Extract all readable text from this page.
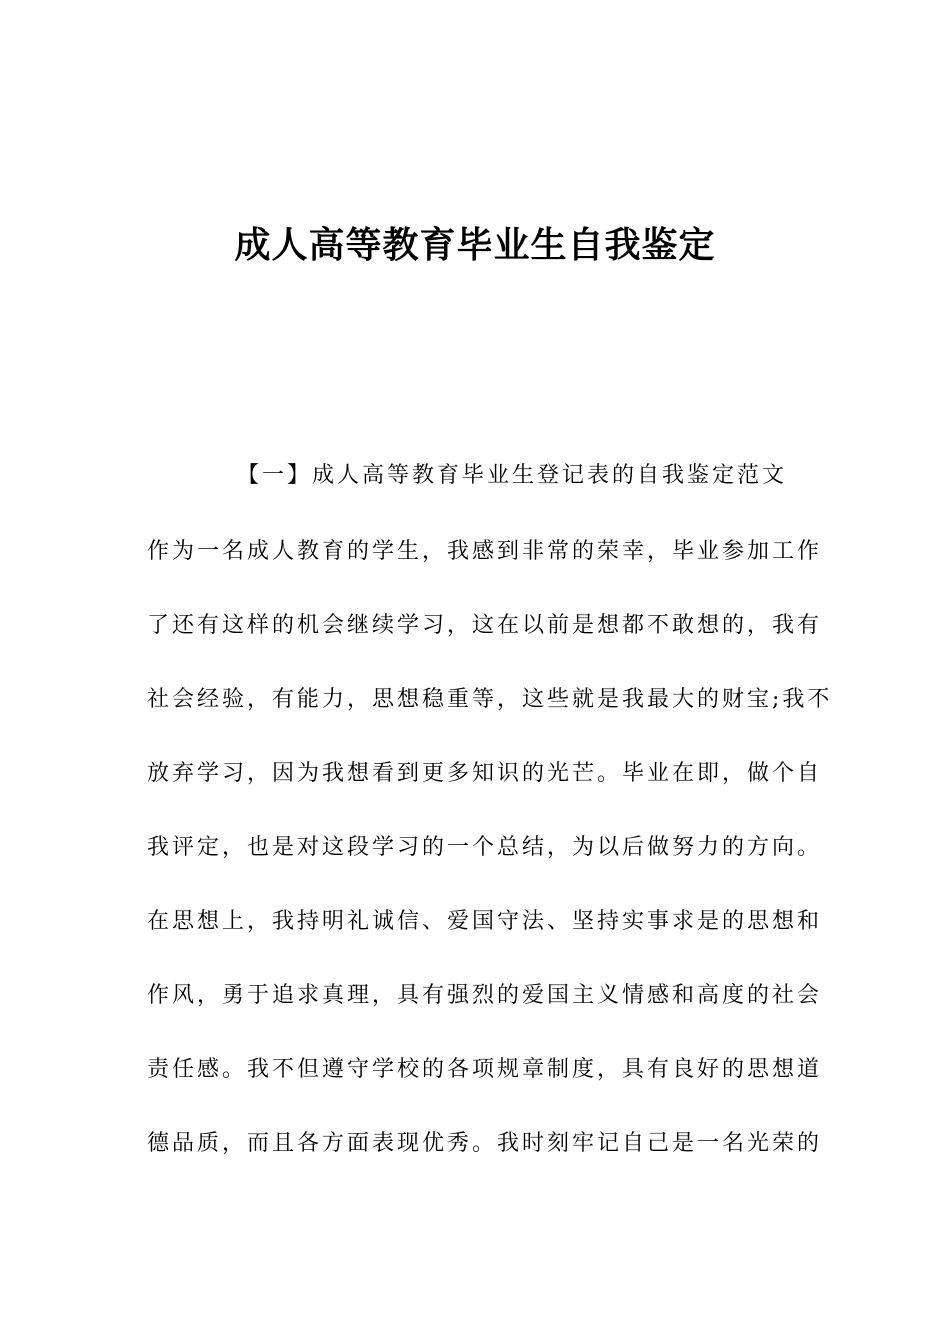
成人高等教育毕业生自我鉴定
【一】成人高等教育毕业生登记表的自我鉴定范文
作为一名成人教育的学生，我感到非常的荣幸，毕业参加工作
了还有这样的机会继续学习，这在以前是想都不敢想的，我有
社会经验，有能力，思想稳重等，这些就是我最大的财宝;我不
放弃学习，因为我想看到更多知识的光芒。毕业在即，做个自
我评定，也是对这段学习的一个总结，为以后做努力的方向。
在思想上，我持明礼诚信、爱国守法、坚持实事求是的思想和
作风，勇于追求真理，具有强烈的爱国主义情感和高度的社会
责任感。我不但遵守学校的各项规章制度，具有良好的思想道
德品质，而且各方面表现优秀。我时刻牢记自己是一名光荣的
